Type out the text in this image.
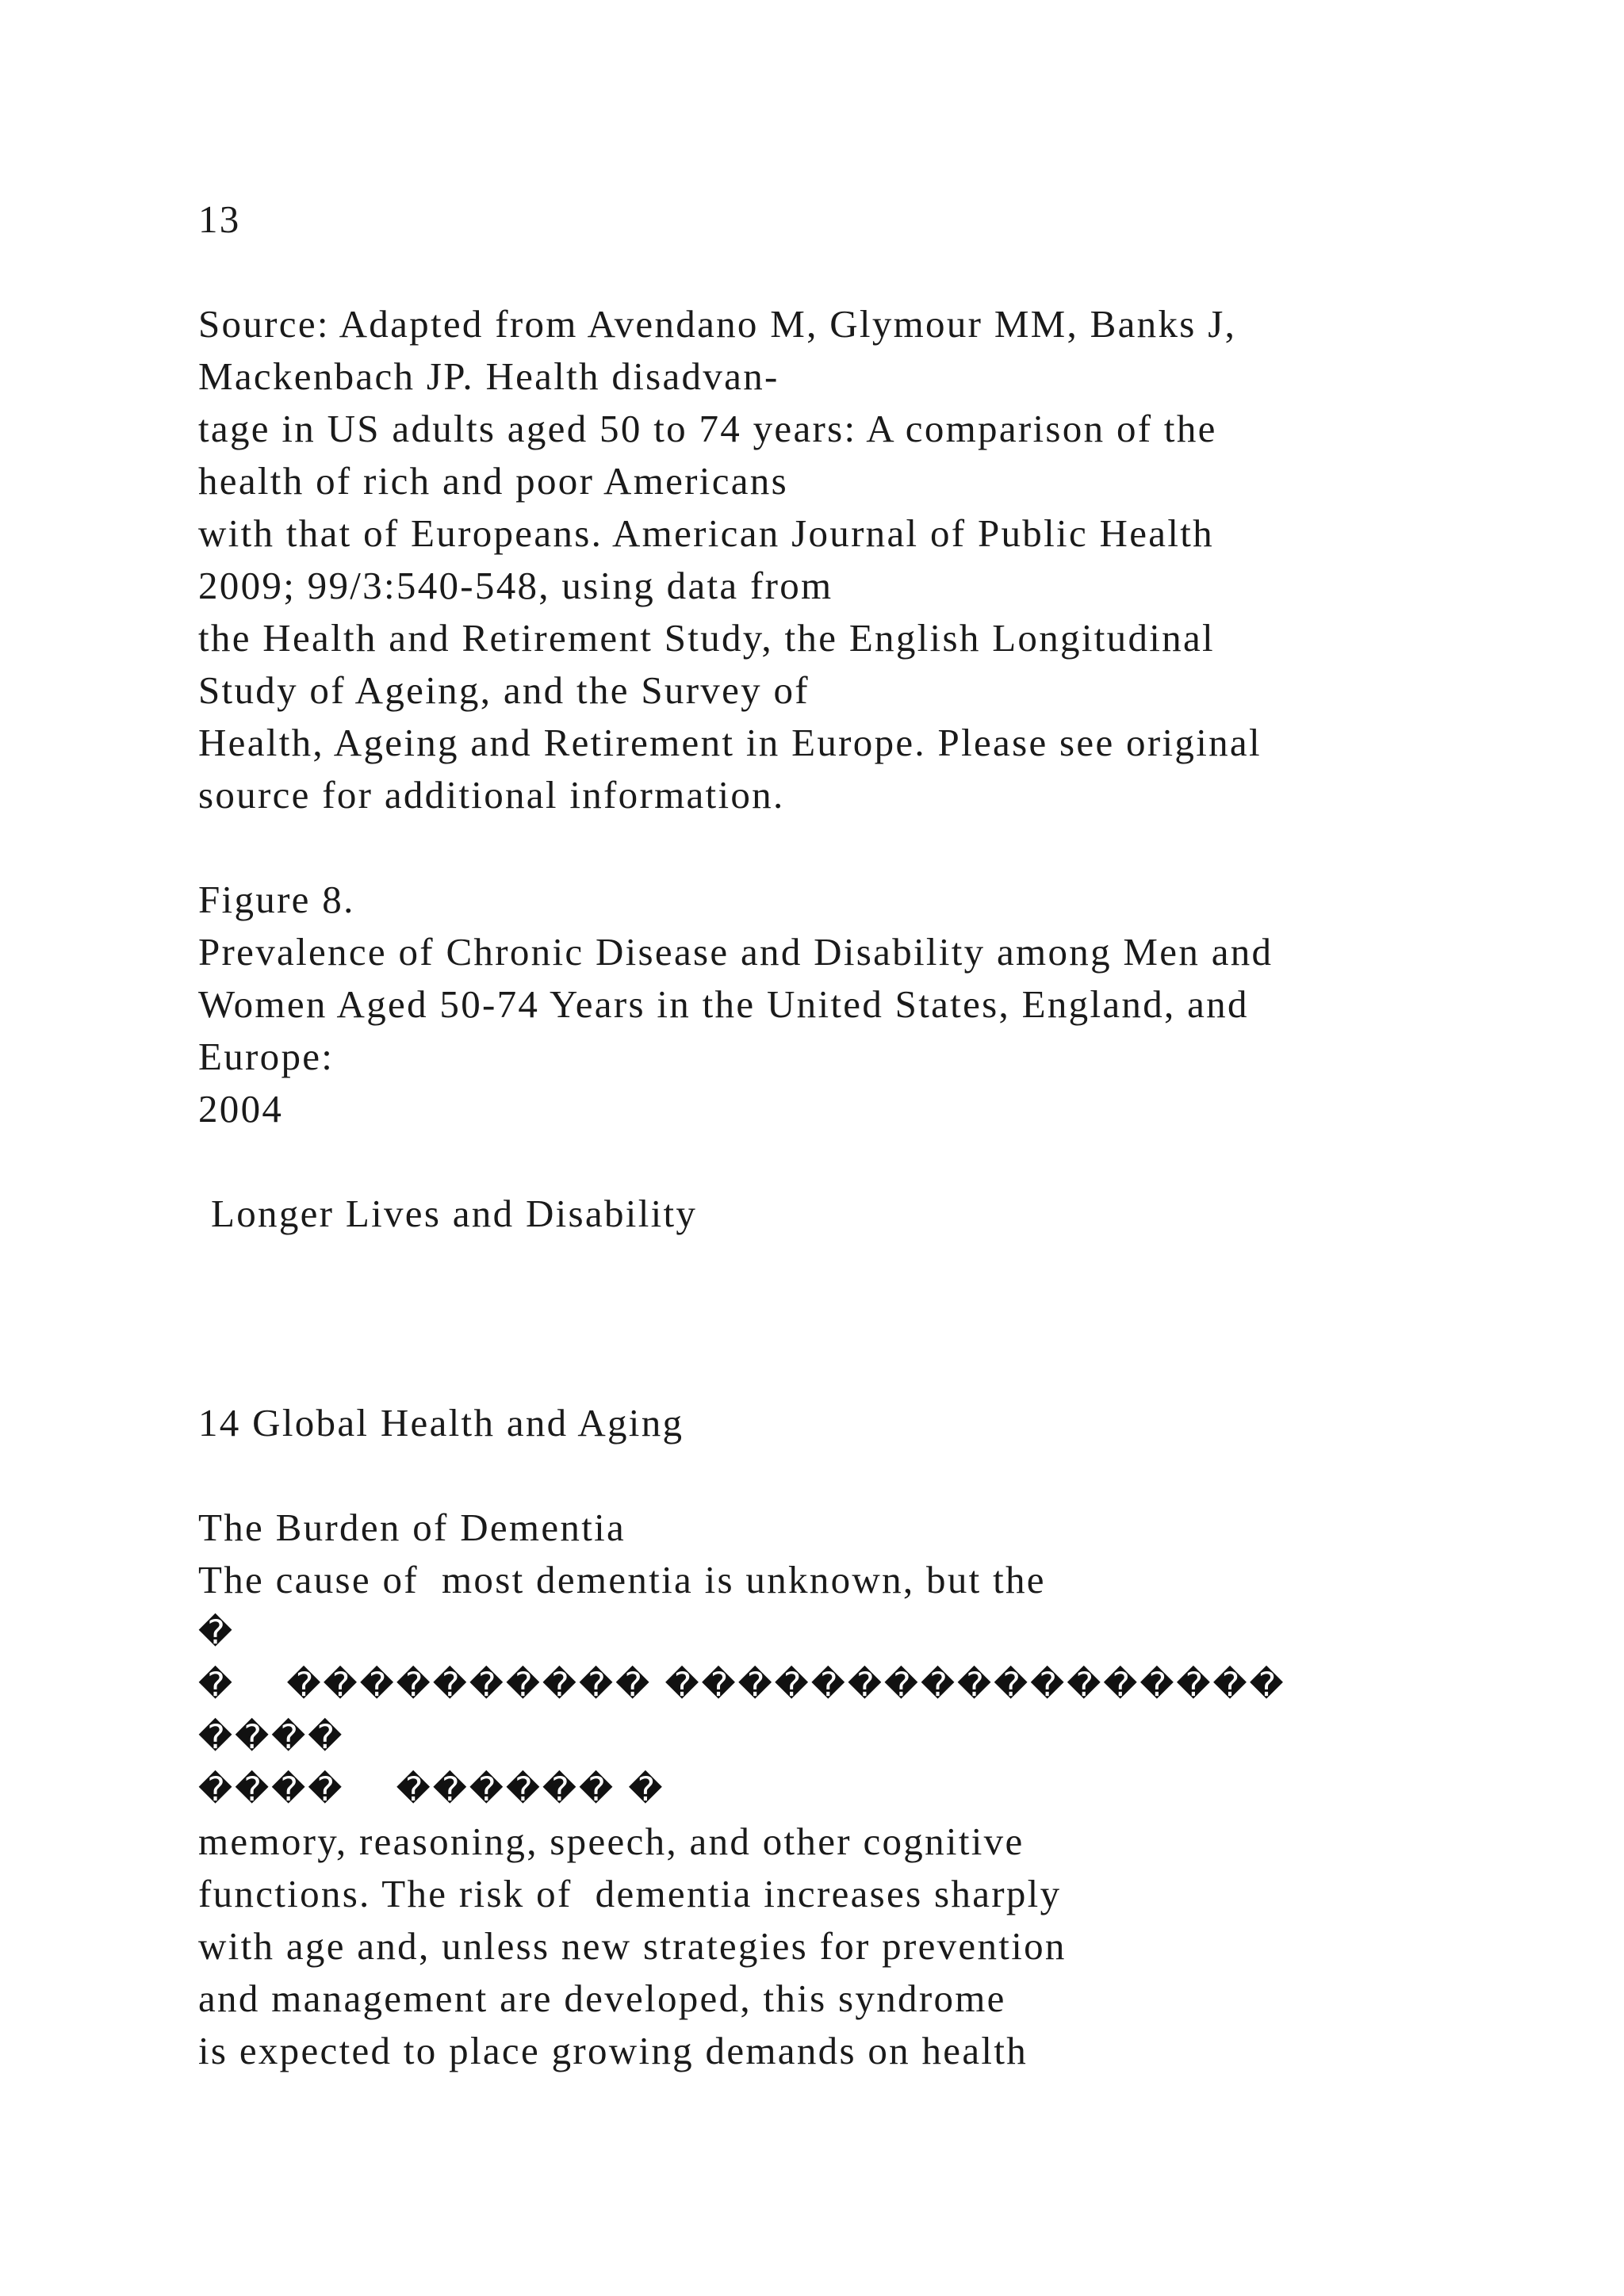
13
Source: Adapted from Avendano M, Glymour MM, Banks J,
Mackenbach JP. Health disadvan-
tage in US adults aged 50 to 74 years: A comparison of the
health of rich and poor Americans
with that of Europeans. American Journal of Public Health
2009; 99/3:540-548, using data from
the Health and Retirement Study, the English Longitudinal
Study of Ageing, and the Survey of
Health, Ageing and Retirement in Europe. Please see original
source for additional information.
Figure 8.
Prevalence of Chronic Disease and Disability among Men and
Women Aged 50-74 Years in the United States, England, and
Europe:
2004
Longer Lives and Disability
14 Global Health and Aging
The Burden of Dementia
The cause of  most dementia is unknown, but the
�
�    ���������� �����������������
����
����    ������ �
memory, reasoning, speech, and other cognitive
functions. The risk of  dementia increases sharply
with age and, unless new strategies for prevention
and management are developed, this syndrome
is expected to place growing demands on health
